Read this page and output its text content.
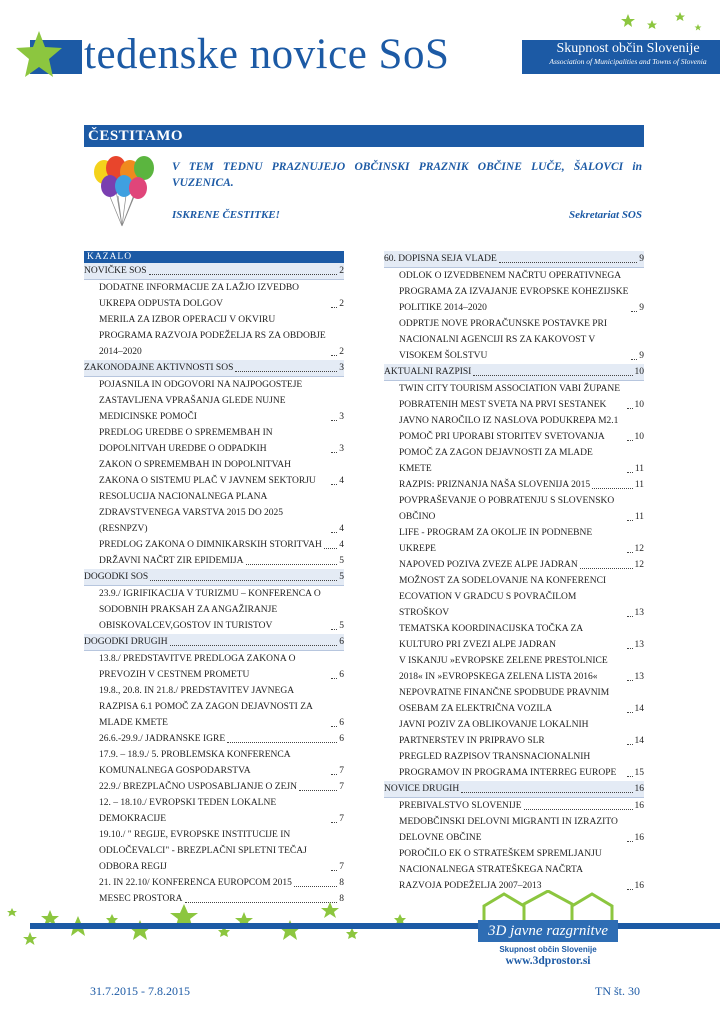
tedenske novice SoS	Skupnost občin Slovenije
Association of Municipalities and Towns of Slovenia
ČESTITAMO
V TEM TEDNU PRAZNUJEJO OBČINSKI PRAZNIK OBČINE LUČE, ŠALOVCI in VUZENICA.
ISKRENE ČESTITKE!	Sekretariat SOS
KAZALO
NOVIČKE SOS	2
DODATNE INFORMACIJE ZA LAŽJO IZVEDBO UKREPA ODPUSTA DOLGOV	2
MERILA ZA IZBOR OPERACIJ V OKVIRU PROGRAMA RAZVOJA PODEŽELJA RS ZA OBDOBJE 2014–2020	2
ZAKONODAJNE AKTIVNOSTI SOS	3
POJASNILA IN ODGOVORI NA NAJPOGOSTEJE ZASTAVLJENA VPRAŠANJA GLEDE NUJNE MEDICINSKE POMOČI	3
PREDLOG UREDBE O SPREMEMBAH IN DOPOLNITVAH UREDBE O ODPADKIH	3
ZAKON O SPREMEMBAH IN DOPOLNITVAH ZAKONA O SISTEMU PLAČ V JAVNEM SEKTORJU	4
RESOLUCIJA NACIONALNEGA PLANA ZDRAVSTVENEGA VARSTVA 2015 DO 2025 (RESNPZV)	4
PREDLOG ZAKONA O DIMNIKARSKIH STORITVAH 4
DRŽAVNI NAČRT ZIR EPIDEMIJA	5
DOGODKI SOS	5
23.9./ IGRIFIKACIJA V TURIZMU – KONFERENCA O SODOBNIH PRAKSAH ZA ANGAŽIRANJE OBISKOVALCEV,GOSTOV IN TURISTOV	5
DOGODKI DRUGIH	6
13.8./ PREDSTAVITVE PREDLOGA ZAKONA O PREVOZIH V CESTNEM PROMETU	6
19.8., 20.8. IN 21.8./ PREDSTAVITEV JAVNEGA RAZPISA 6.1 POMOČ ZA ZAGON DEJAVNOSTI ZA MLADE KMETE	6
26.6.-29.9./ JADRANSKE IGRE	6
17.9. – 18.9./ 5. PROBLEMSKA KONFERENCA KOMUNALNEGA GOSPODARSTVA	7
22.9./ BREZPLAČNO USPOSABLJANJE O ZEJN	7
12. – 18.10./ EVROPSKI TEDEN LOKALNE DEMOKRACIJE	7
19.10./ " REGIJE, EVROPSKE INSTITUCIJE IN ODLOČEVALCI" - BREZPLAČNI SPLETNI TEČAJ ODBORA REGIJ	7
21. IN 22.10/ KONFERENCA EUROPCOM 2015	8
MESEC PROSTORA	8
60. DOPISNA SEJA VLADE	9
ODLOK O IZVEDBENEM NAČRTU OPERATIVNEGA PROGRAMA ZA IZVAJANJE EVROPSKE KOHEZIJSKE POLITIKE 2014–2020	9
ODPRTJE NOVE PRORAČUNSKE POSTAVKE PRI NACIONALNI AGENCIJI RS ZA KAKOVOST V VISOKEM ŠOLSTVU	9
AKTUALNI RAZPISI	10
TWIN CITY TOURISM ASSOCIATION VABI ŽUPANE POBRATENIH MEST SVETA NA PRVI SESTANEK	10
JAVNO NAROČILO IZ NASLOVA PODUKREPA M2.1 POMOČ PRI UPORABI STORITEV SVETOVANJA	10
POMOČ ZA ZAGON DEJAVNOSTI ZA MLADE KMETE	11
RAZPIS: PRIZNANJA NAŠA SLOVENIJA 2015	11
POVPRAŠEVANJE O POBRATENJU S SLOVENSKO OBČINO	11
LIFE - PROGRAM ZA OKOLJE IN PODNEBNE UKREPE	12
NAPOVED POZIVA ZVEZE ALPE JADRAN	12
MOŽNOST ZA SODELOVANJE NA KONFERENCI ECOVATION V GRADCU S POVRAČILOM STROŠKOV	13
TEMATSKA KOORDINACIJSKA TOČKA ZA KULTURO PRI ZVEZI ALPE JADRAN	13
V ISKANJU »EVROPSKE ZELENE PRESTOLNICE 2018« IN »EVROPSKEGA ZELENA LISTA 2016«	13
NEPOVRATNE FINANČNE SPODBUDE PRAVNIM OSEBAM ZA ELEKTRIČNA VOZILA	14
JAVNI POZIV ZA OBLIKOVANJE LOKALNIH PARTNERSTEV IN PRIPRAVO SLR	14
PREGLED RAZPISOV TRANSNACIONALNIH PROGRAMOV IN PROGRAMA INTERREG EUROPE	15
NOVICE DRUGIH	16
PREBIVALSTVO SLOVENIJE	16
MEDOBČINSKI DELOVNI MIGRANTI IN IZRAZITO DELOVNE OBČINE	16
POROČILO EK O STRATEŠKEM SPREMLJANJU NACIONALNEGA STRATEŠKEGA NAČRTA RAZVOJA PODEŽELJA 2007–2013	16
3D javne razgrnitve
Skupnost občin Slovenije
www.3dprostor.si
31.7.2015 - 7.8.2015	TN št. 30
